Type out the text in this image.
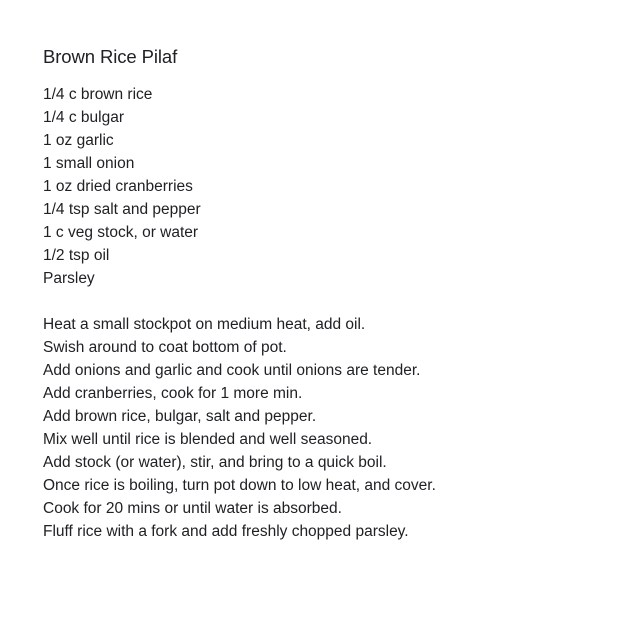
Brown Rice Pilaf
1/4 c brown rice
1/4 c bulgar
1 oz garlic
1 small onion
1 oz dried cranberries
1/4 tsp salt and pepper
1 c veg stock, or water
1/2 tsp oil
Parsley
Heat a small stockpot on medium heat, add oil.
Swish around to coat bottom of pot.
Add onions and garlic and cook until onions are tender.
Add cranberries, cook for 1 more min.
Add brown rice, bulgar, salt and pepper.
Mix well until rice is blended and well seasoned.
Add stock (or water), stir, and bring to a quick boil.
Once rice is boiling, turn pot down to low heat, and cover.
Cook for 20 mins or until water is absorbed.
Fluff rice with a fork and add freshly chopped parsley.
